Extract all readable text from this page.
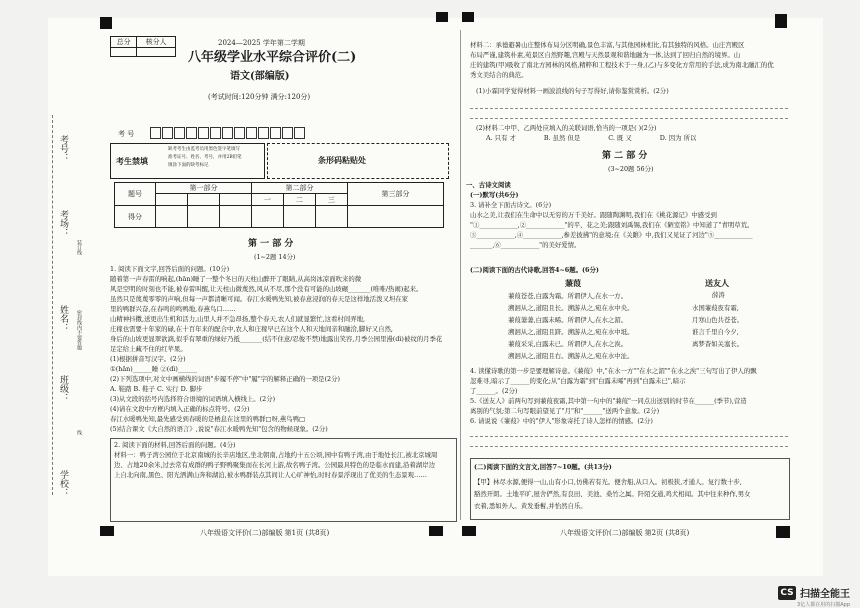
考号：
考场：
装订线
姓名：	密封线内不要答题
班级：
线
学校：
总分	核分人
		2024—2025 学年第二学期
八年级学业水平综合评价(二)
语文(部编版)
(考试时间:120分钟 满分:120分)
考 号
考生禁填
缺考考生由监考员用黑色签字笔填写
准考证号、姓名、考号，并用2B铅笔
填涂下面的缺考标记
条形码粘贴处
题号	第一部分			第二部分			第三部分
				一	二	三	
得分							
第 一 部 分
(1~2题 14分)
1. 阅读下面文字,回答后面的问题。(10分)
随着第一声春雷的响起,(hān)睡了一整个冬日的天柱山醉开了眼睛,从高岗冰凉面吹来的微
风是空明的时刻也不能,被春雷叫醒,让天柱山微蔑然,风从不尽,那个没有可能的山坡碾_______(唯唯/热闹)起来。
虽然只是蔑蔑零零的声响,但每一声都清晰可闻。春江水暖鸭先知,被春意浸润的春天是这样地活泼又坦在家
里的鸭群兴奋,在春鸣的鸣鸭地,春燕鸟口……
山精神抖擞,送更出生机和活力,山里人并不急昂扬,整个春天,农人们就显繁忙,这看村间弄地,
庄稼也需要十年家的碌,在十百年来的配合中,农人和庄稼早已在这个人和天地间亲和融洽,脚好又自然,
身后的山坡更显翠欲滴,似乎有翠重的绿好乃抵_______(结不住意/忍俊不禁)地露出笑容,月季公园里漫(dì)被纹的月季花
足定给上藏不住的红苹果。
(1)根据拼音写汉字。(2分)
①(hān)______睡 ②(dì)______
(2)下列选项中,对文中画横线的词语"步履不停"中"履"字的解释正确的一项是(2分)
A. 鞋踏 B. 鞋子 C. 实行 D. 脚步
(3)从文段的括号内选择符合语境的词语填入横线上。(2分)
(4)请在文段中方框内填入正确的标点符号。(2分)
春江水暖鸭先知,最先感受到春暖的是栖息在这里的鸭群□呀,燕鸟鸭□
(5)结合课文《大自然的语言》,说说"春江水暖鸭先知"包含的物候现象。(2分)
2. 阅读下面的材料,回答后面的问题。(4分)
材料一：鸭子湾公园位于北京南城的长辛店地区,坐北朝南,占地约十五公顷,园中有鸭子湾,由于地处长江,被北京城周
边、占地20余米,过去常有成群的鸭子野鸭聚集而在长河上游,故名鸭子湾。公园最具特色的是临水而建,沿着湖岸边
上自北向南,黑色、阳光洒满山奔和湖泊,被水鸭群装点其间让人心旷神怡,时时春景浮现出了优美的生态景观……
八年级语文评价(二)部编版 第1页 (共8页)
材料二：承德避暑山庄整体布局分区明确,景色丰富,与其他园林相比,有其独特的风格。山庄宫殿区
布局严谨,建筑朴素,苑景区自然野趣,宫殿与天然景观和谐地融为一体,达到了回归自然的境界。山
庄的建筑(甲)吸收了南北方园林的风格,精粹和工程技术于一身,(乙)与多变化方常用的手法,成为南北融汇的优
秀文美结合的典范。
(1)小霖同学觉得材料一画波浪线的句子写得好,请你鉴赏赏析。(2分)
(2)材料二中甲、乙两处应填入的关联词语,恰当的一项是( )(2分)
A. 只有 才	B. 虽然 但是	C. 既 又	D. 因为 所以
第 二 部 分
(3~20题 56分)
一、古诗文阅读
(一)默写(共6分)
3. 请补全下面古诗文。(6分)
山水之美,让我们在生命中以无穷的万千美好。跟随陶渊明,我们在《桃花源记》中感受到
"①____________,②____________"的平、花之美;跟随刘禹锡,我们在《陋室铭》中知道了"青明草荒。
③____________,④____________,参差披拂"的意境;在《关雎》中,我们又见证了河边"⑤____________
_______,⑥____________"的美好爱情。
(二)阅读下面的古代诗歌,回答4~6题。(6分)
蒹葭
蒹葭苍苍,白露为霜。所谓伊人,在水一方。
溯洄从之,道阻且长。溯游从之,宛在水中央。
蒹葭萋萋,白露未晞。所谓伊人,在水之湄。
溯洄从之,道阻且跻。溯游从之,宛在水中坻。
蒹葭采采,白露未已。所谓伊人,在水之涘。
溯洄从之,道阻且右。溯游从之,宛在水中沚。
送友人
薛涛
水国蒹葭夜有霜,
月寒山色共苍苍。
谁言千里自今夕,
离梦杳如关塞长。
4. 读懂诗歌的第一步是要理解诗意。《蒹葭》中,"在水一方""在水之湄""在水之涘"三句写出了伊人的飘
忽难寻,暗示了______的变化;从"白露为霜"到"白露未晞"再到"白露未已",暗示
了______。(2分)
5.《送友人》前两句写到蒹葭夜霜,其中第一句中的"蒹葭"一同点出送别的时节在______(季节),营造
离别的气氛;第二句写眼前望见了"月"和"______"送两个意象。(2分)
6. 请说说《蒹葭》中的"伊人"形象寄托了诗人怎样的情感。(2分)
(二)阅读下面的文言文,回答7~10题。(共13分)
【甲】林尽水源,便得一山,山有小口,仿佛若有光。便舍船,从口入。初极狭,才通人。复行数十步,
豁然开朗。土地平旷,屋舍俨然,有良田、美池、桑竹之属。阡陌交通,鸡犬相闻。其中往来种作,男女
衣着,悉如外人。黄发垂髫,并怡然自乐。
八年级语文评价(二)部编版 第2页 (共8页)
CS 扫描全能王
3亿人都在用的扫描App
